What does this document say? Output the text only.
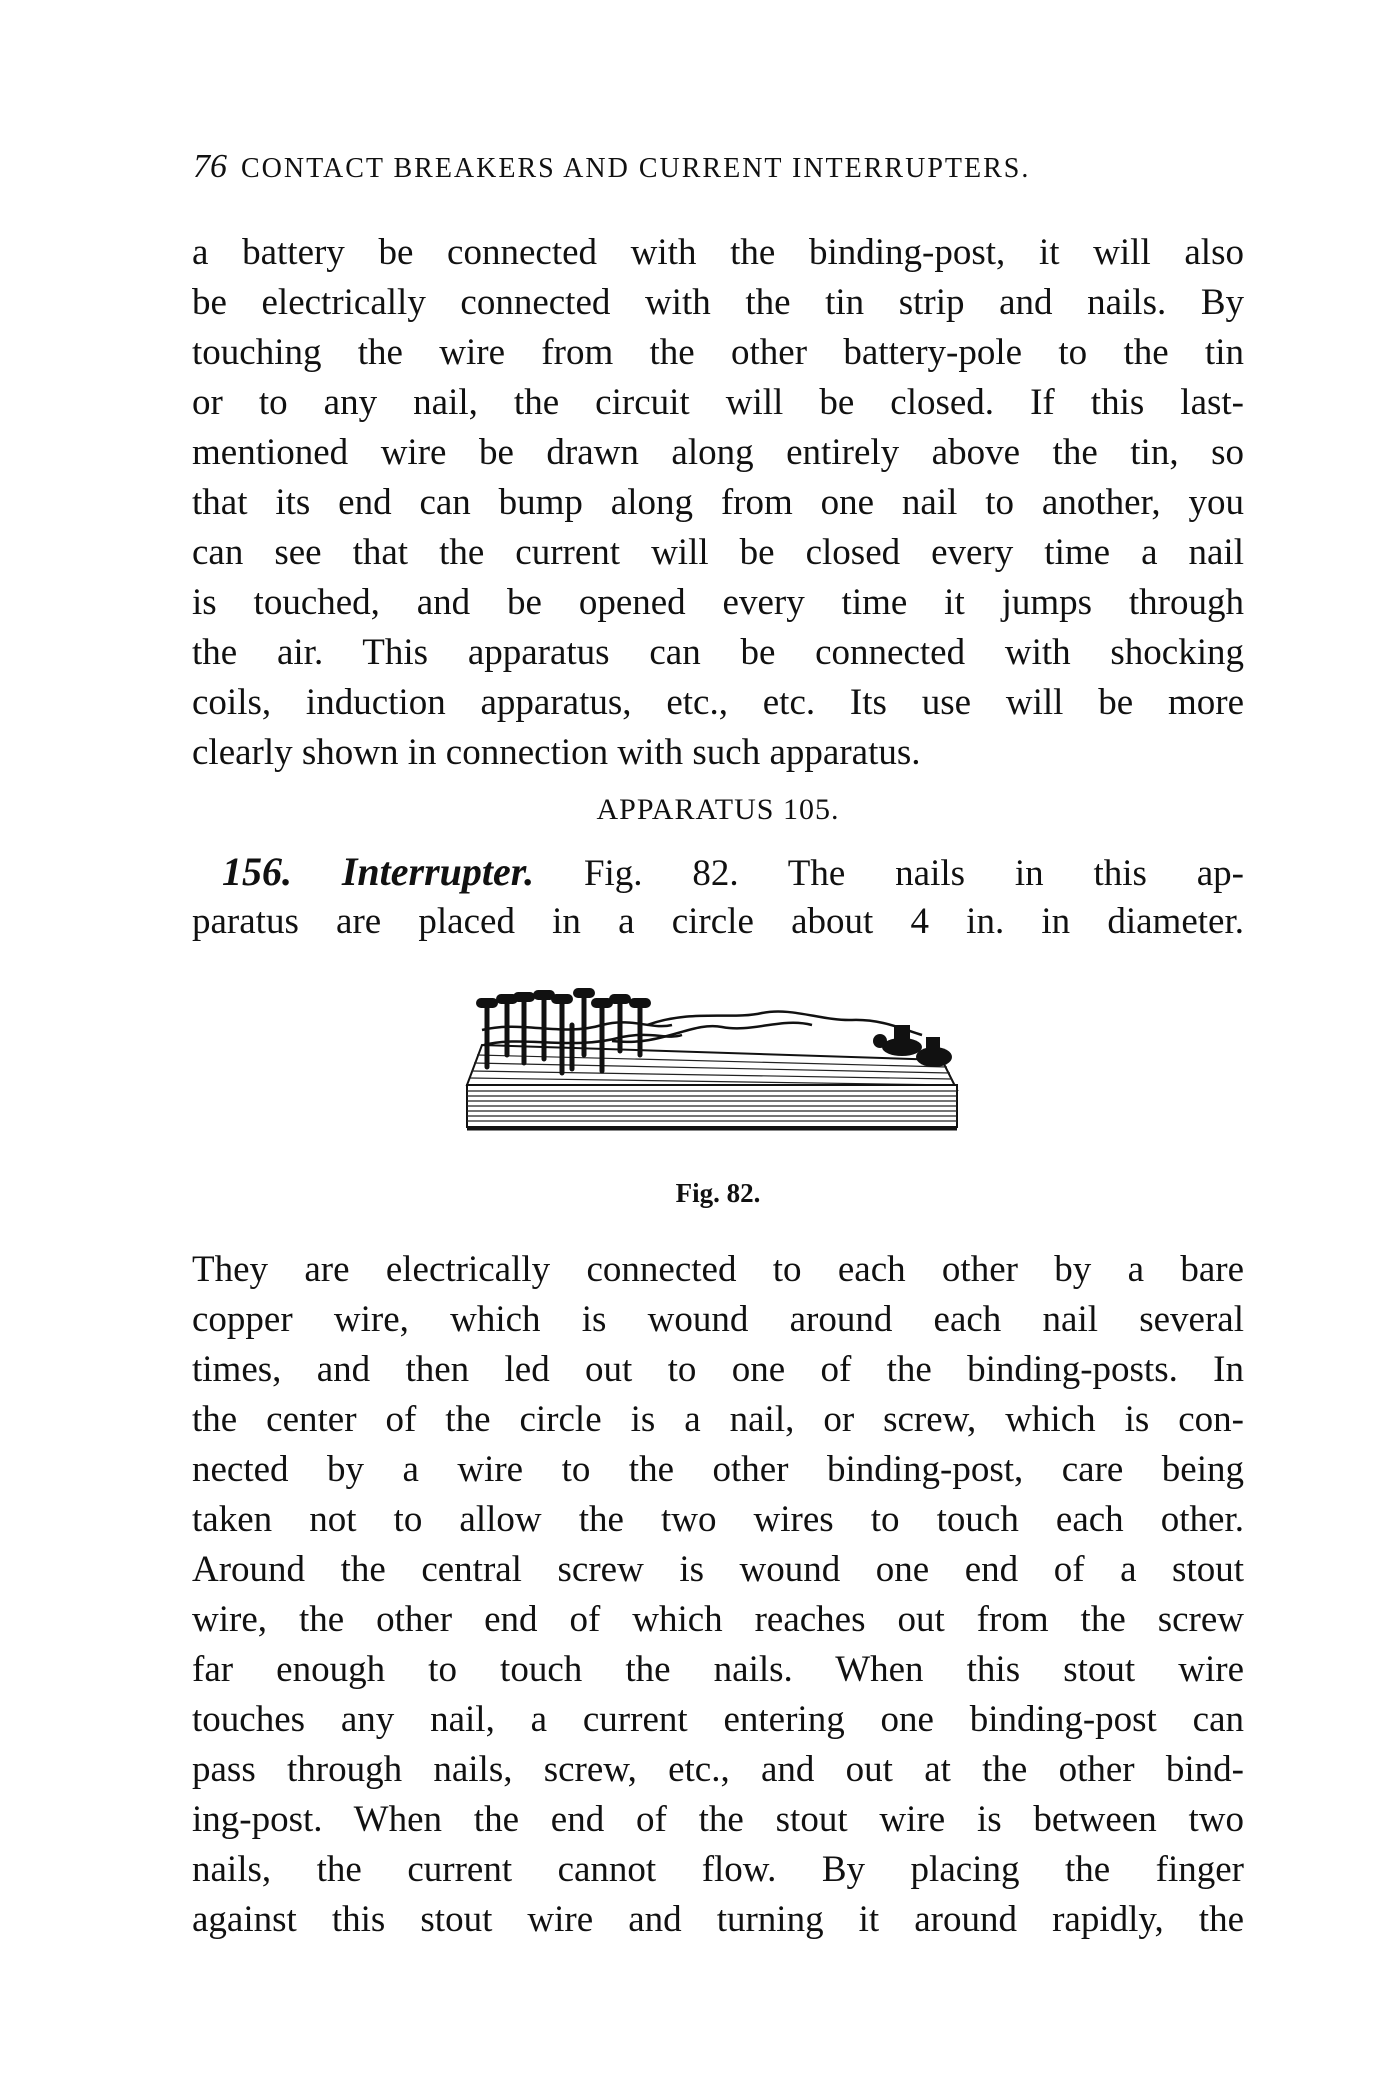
76 CONTACT BREAKERS AND CURRENT INTERRUPTERS.
a battery be connected with the binding-post, it will also
be electrically connected with the tin strip and nails. By
touching the wire from the other battery-pole to the tin
or to any nail, the circuit will be closed. If this last-
mentioned wire be drawn along entirely above the tin, so
that its end can bump along from one nail to another, you
can see that the current will be closed every time a nail
is touched, and be opened every time it jumps through
the air. This apparatus can be connected with shocking
coils, induction apparatus, etc., etc. Its use will be more
clearly shown in connection with such apparatus.
APPARATUS 105.
156. Interrupter. Fig. 82. The nails in this ap-
paratus are placed in a circle about 4 in. in diameter.
Fig. 82.
They are electrically connected to each other by a bare
copper wire, which is wound around each nail several
times, and then led out to one of the binding-posts. In
the center of the circle is a nail, or screw, which is con-
nected by a wire to the other binding-post, care being
taken not to allow the two wires to touch each other.
Around the central screw is wound one end of a stout
wire, the other end of which reaches out from the screw
far enough to touch the nails. When this stout wire
touches any nail, a current entering one binding-post can
pass through nails, screw, etc., and out at the other bind-
ing-post. When the end of the stout wire is between two
nails, the current cannot flow. By placing the finger
against this stout wire and turning it around rapidly, the
